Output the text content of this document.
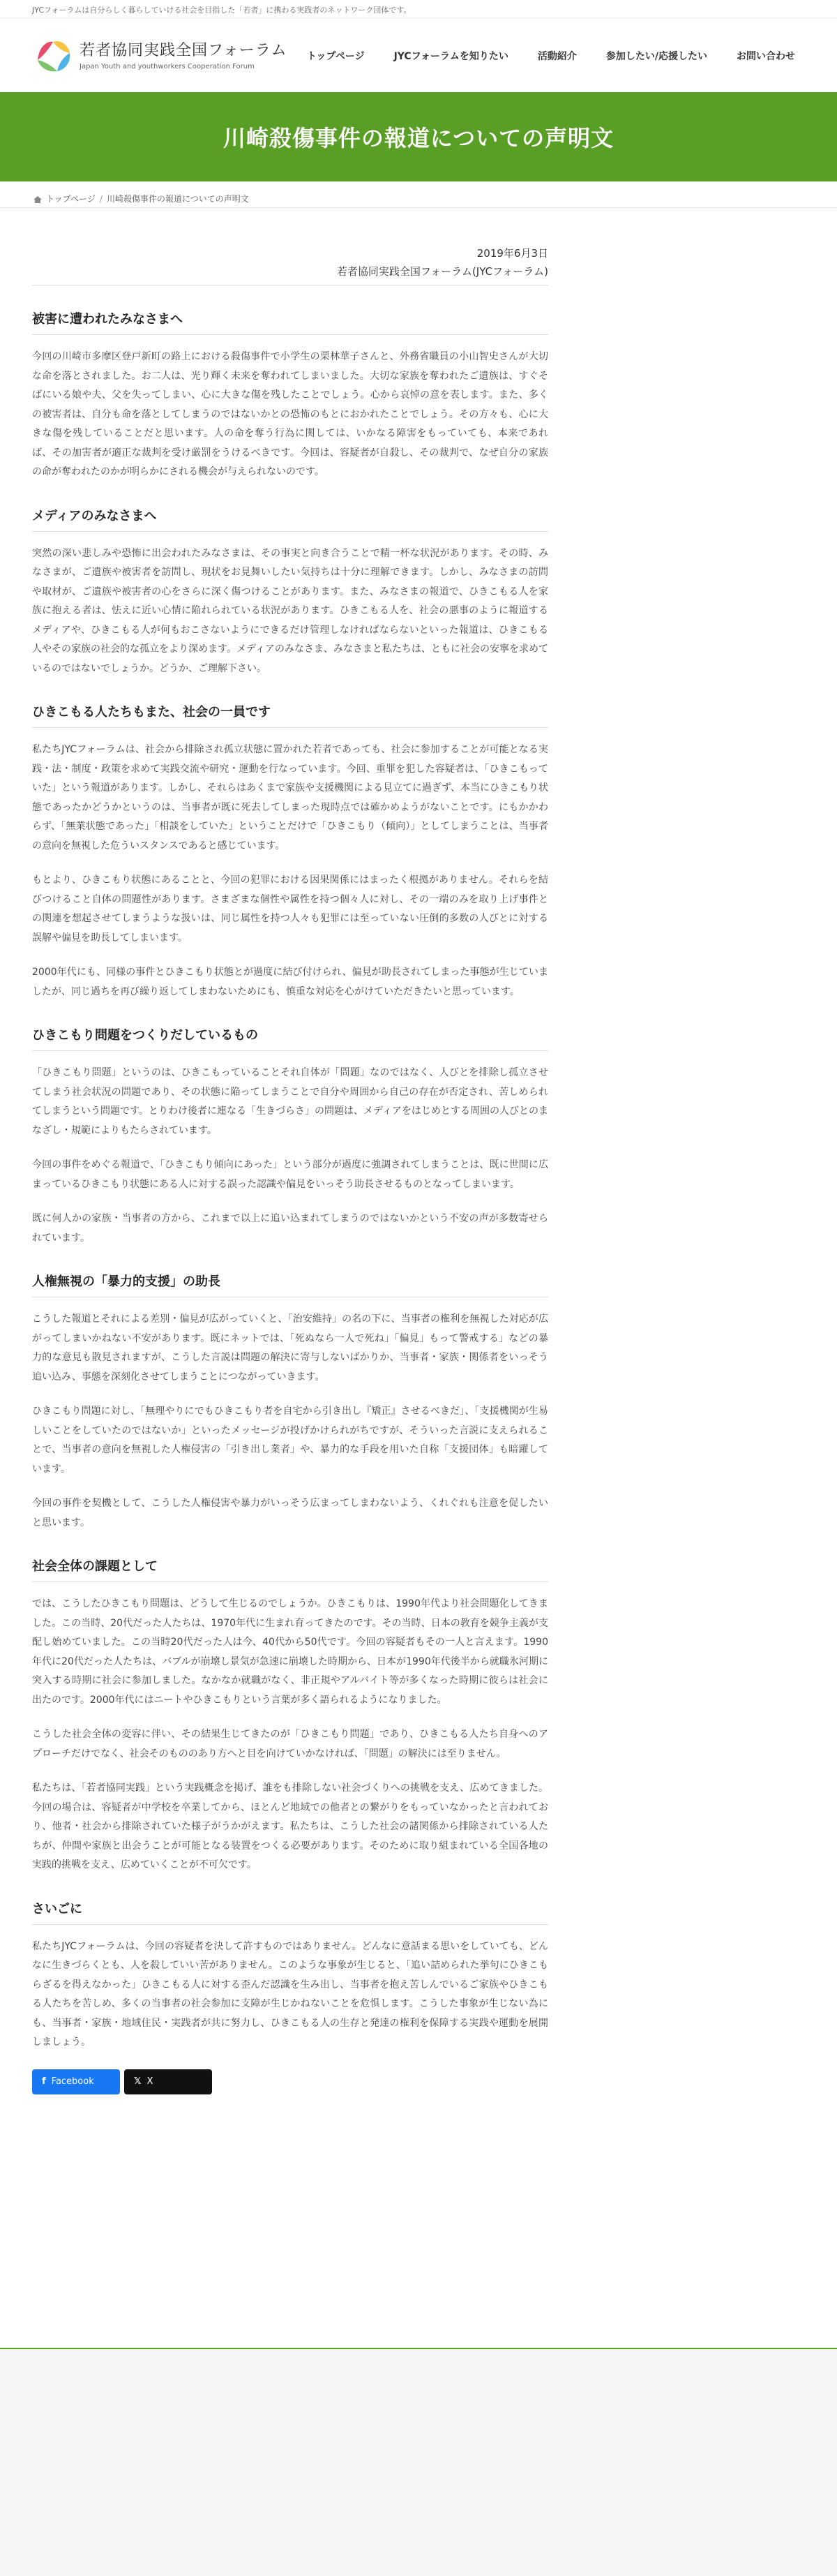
JYCフォーラムは自分らしく暮らしていける社会を目指した「若者」に携わる実践者のネットワーク団体です。
若者協同実践全国フォーラム
Japan Youth and youthworkers Cooperation Forum
トップページ	JYCフォーラムを知りたい	活動紹介	参加したい/応援したい	お問い合わせ
川崎殺傷事件の報道についての声明文
トップページ / 川崎殺傷事件の報道についての声明文
2019年6月3日
若者協同実践全国フォーラム(JYCフォーラム)
被害に遭われたみなさまへ

今回の川崎市多摩区登戸新町の路上における殺傷事件で小学生の栗林華子さんと、外務省職員の小山智史さんが大切な命を落とされました。お二人は、光り輝く未来を奪われてしまいました。大切な家族を奪われたご遺族は、すぐそばにいる娘や夫、父を失ってしまい、心に大きな傷を残したことでしょう。心から哀悼の意を表します。また、多くの被害者は、自分も命を落としてしまうのではないかとの恐怖のもとにおかれたことでしょう。その方々も、心に大きな傷を残していることだと思います。人の命を奪う行為に関しては、いかなる障害をもっていても、本来であれば、その加害者が適正な裁判を受け厳罰をうけるべきです。今回は、容疑者が自殺し、その裁判で、なぜ自分の家族の命が奪われたのかが明らかにされる機会が与えられないのです。

メディアのみなさまへ

突然の深い悲しみや恐怖に出会われたみなさまは、その事実と向き合うことで精一杯な状況があります。その時、みなさまが、ご遺族や被害者を訪問し、現状をお見舞いしたい気持ちは十分に理解できます。しかし、みなさまの訪問や取材が、ご遺族や被害者の心をさらに深く傷つけることがあります。また、みなさまの報道で、ひきこもる人を家族に抱える者は、怯えに近い心情に陥れられている状況があります。ひきこもる人を、社会の悪事のように報道するメディアや、ひきこもる人が何もおこさないようにできるだけ管理しなければならないといった報道は、ひきこもる人やその家族の社会的な孤立をより深めます。メディアのみなさま、みなさまと私たちは、ともに社会の安寧を求めているのではないでしょうか。どうか、ご理解下さい。

ひきこもる人たちもまた、社会の一員です

私たちJYCフォーラムは、社会から排除され孤立状態に置かれた若者であっても、社会に参加することが可能となる実践・法・制度・政策を求めて実践交流や研究・運動を行なっています。今回、重罪を犯した容疑者は、「ひきこもっていた」という報道があります。しかし、それらはあくまで家族や支援機関による見立てに過ぎず、本当にひきこもり状態であったかどうかというのは、当事者が既に死去してしまった現時点では確かめようがないことです。にもかかわらず、「無業状態であった」「相談をしていた」ということだけで「ひきこもり（傾向）」としてしまうことは、当事者の意向を無視した危ういスタンスであると感じています。

もとより、ひきこもり状態にあることと、今回の犯罪における因果関係にはまったく根拠がありません。それらを結びつけること自体の問題性があります。さまざまな個性や属性を持つ個々人に対し、その一端のみを取り上げ事件との関連を想起させてしまうような扱いは、同じ属性を持つ人々も犯罪には至っていない圧倒的多数の人びとに対する誤解や偏見を助長してしまいます。

2000年代にも、同様の事件とひきこもり状態とが過度に結び付けられ、偏見が助長されてしまった事態が生じていましたが、同じ過ちを再び繰り返してしまわないためにも、慎重な対応を心がけていただきたいと思っています。

ひきこもり問題をつくりだしているもの

「ひきこもり問題」というのは、ひきこもっていることそれ自体が「問題」なのではなく、人びとを排除し孤立させてしまう社会状況の問題であり、その状態に陥ってしまうことで自分や周囲から自己の存在が否定され、苦しめられてしまうという問題です。とりわけ後者に連なる「生きづらさ」の問題は、メディアをはじめとする周囲の人びとのまなざし・規範によりもたらされています。

今回の事件をめぐる報道で、「ひきこもり傾向にあった」という部分が過度に強調されてしまうことは、既に世間に広まっているひきこもり状態にある人に対する誤った認識や偏見をいっそう助長させるものとなってしまいます。

既に何人かの家族・当事者の方から、これまで以上に追い込まれてしまうのではないかという不安の声が多数寄せられています。

人権無視の「暴力的支援」の助長

こうした報道とそれによる差別・偏見が広がっていくと、「治安維持」の名の下に、当事者の権利を無視した対応が広がってしまいかねない不安があります。既にネットでは、「死ぬなら一人で死ね」「偏見」もって警戒する」などの暴力的な意見も散見されますが、こうした言説は問題の解決に寄与しないばかりか、当事者・家族・関係者をいっそう追い込み、事態を深刻化させてしまうことにつながっていきます。

ひきこもり問題に対し、「無理やりにでもひきこもり者を自宅から引き出し『矯正』させるべきだ」、「支援機関が生易しいことをしていたのではないか」といったメッセージが投げかけられがちですが、そういった言説に支えられることで、当事者の意向を無視した人権侵害の「引き出し業者」や、暴力的な手段を用いた自称「支援団体」も暗躍しています。

今回の事件を契機として、こうした人権侵害や暴力がいっそう広まってしまわないよう、くれぐれも注意を促したいと思います。

社会全体の課題として

では、こうしたひきこもり問題は、どうして生じるのでしょうか。ひきこもりは、1990年代より社会問題化してきました。この当時、20代だった人たちは、1970年代に生まれ育ってきたのです。その当時、日本の教育を競争主義が支配し始めていました。この当時20代だった人は今、40代から50代です。今回の容疑者もその一人と言えます。1990年代に20代だった人たちは、バブルが崩壊し景気が急速に崩壊した時期から、日本が1990年代後半から就職氷河期に突入する時期に社会に参加しました。なかなか就職がなく、非正規やアルバイト等が多くなった時期に彼らは社会に出たのです。2000年代にはニートやひきこもりという言葉が多く語られるようになりました。

こうした社会全体の変容に伴い、その結果生じてきたのが「ひきこもり問題」であり、ひきこもる人たち自身へのアプローチだけでなく、社会そのもののあり方へと目を向けていかなければ、「問題」の解決には至りません。

私たちは、「若者協同実践」という実践概念を掲げ、誰をも排除しない社会づくりへの挑戦を支え、広めてきました。今回の場合は、容疑者が中学校を卒業してから、ほとんど地域での他者との繋がりをもっていなかったと言われており、他者・社会から排除されていた様子がうかがえます。私たちは、こうした社会の諸関係から排除されている人たちが、仲間や家族と出会うことが可能となる装置をつくる必要があります。そのために取り組まれている全国各地の実践的挑戦を支え、広めていくことが不可欠です。

さいごに

私たちJYCフォーラムは、今回の容疑者を決して許すものではありません。どんなに意話まる思いをしていても、どんなに生きづらくとも、人を殺していい苦がありません。このような事象が生じると、「追い詰められた挙句にひきこもらざるを得えなかった」ひきこもる人に対する歪んだ認識を生み出し、当事者を抱え苦しんでいるご家族やひきこもる人たちを苦しめ、多くの当事者の社会参加に支障が生じかねないことを危惧します。こうした事象が生じない為にも、当事者・家族・地域住民・実践者が共に努力し、ひきこもる人の生存と発達の権利を保障する実践や運動を展開しましょう。

f Facebook	𝕏 X
